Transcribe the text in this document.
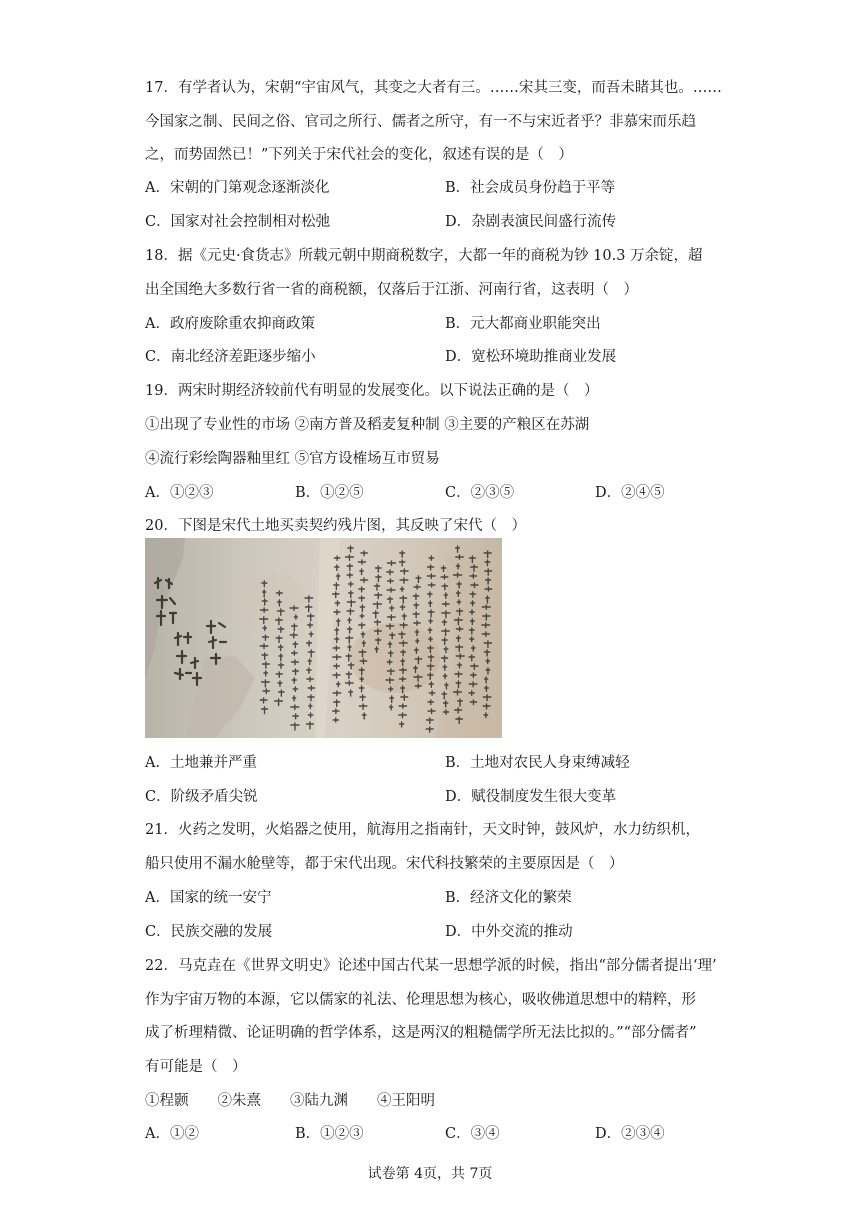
17．有学者认为，宋朝“宇宙风气，其变之大者有三。……宋其三变，而吾未睹其也。……
今国家之制、民间之俗、官司之所行、儒者之所守，有一不与宋近者乎？非慕宋而乐趋
之，而势固然已！”下列关于宋代社会的变化，叙述有误的是（　）
A．宋朝的门第观念逐渐淡化	B．社会成员身份趋于平等
C．国家对社会控制相对松弛	D．杂剧表演民间盛行流传
18．据《元史·食货志》所载元朝中期商税数字，大都一年的商税为钞 10.3 万余锭，超
出全国绝大多数行省一省的商税额，仅落后于江浙、河南行省，这表明（　）
A．政府废除重农抑商政策	B．元大都商业职能突出
C．南北经济差距逐步缩小	D．宽松环境助推商业发展
19．两宋时期经济较前代有明显的发展变化。以下说法正确的是（　）
①出现了专业性的市场 ②南方普及稻麦复种制 ③主要的产粮区在苏湖
④流行彩绘陶器釉里红 ⑤官方设榷场互市贸易
A．①②③	B．①②⑤	C．②③⑤	D．②④⑤
20．下图是宋代土地买卖契约残片图，其反映了宋代（　）
A．土地兼并严重	B．土地对农民人身束缚减轻
C．阶级矛盾尖锐	D．赋役制度发生很大变革
21．火药之发明，火焰器之使用，航海用之指南针，天文时钟，鼓风炉，水力纺织机，
船只使用不漏水舱壁等，都于宋代出现。宋代科技繁荣的主要原因是（　）
A．国家的统一安宁	B．经济文化的繁荣
C．民族交融的发展	D．中外交流的推动
22．马克垚在《世界文明史》论述中国古代某一思想学派的时候，指出“部分儒者提出‘理’
作为宇宙万物的本源，它以儒家的礼法、伦理思想为核心，吸收佛道思想中的精粹，形
成了析理精微、论证明确的哲学体系，这是两汉的粗糙儒学所无法比拟的。”“部分儒者”
有可能是（　）
①程颢　　②朱熹　　③陆九渊　　④王阳明
A．①②	B．①②③	C．③④	D．②③④
试卷第 4页，共 7页
